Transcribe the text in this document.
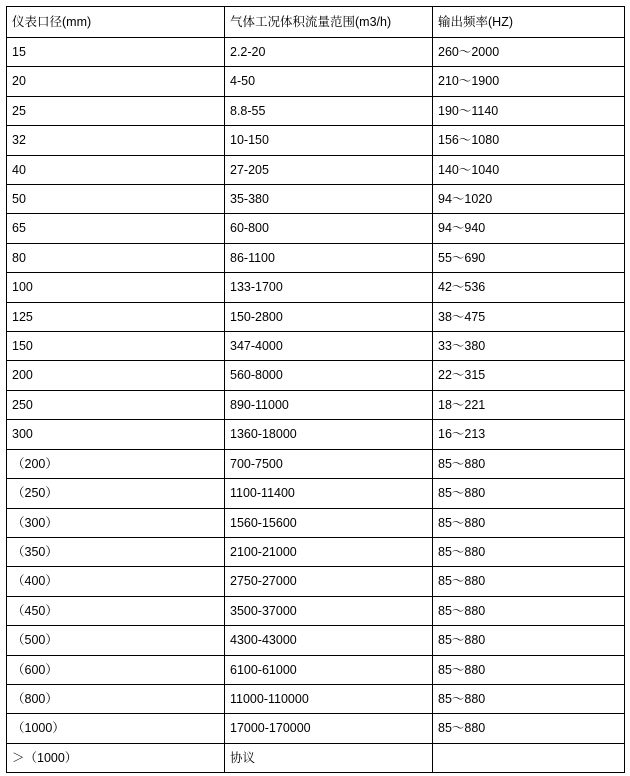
仪表口径(mm)	气体工况体积流量范围(m3/h)	输出频率(HZ)
15	2.2-20	260～2000
20	4-50	210～1900
25	8.8-55	190～1140
32	10-150	156～1080
40	27-205	140～1040
50	35-380	94～1020
65	60-800	94～940
80	86-1100	55～690
100	133-1700	42～536
125	150-2800	38～475
150	347-4000	33～380
200	560-8000	22～315
250	890-11000	18～221
300	1360-18000	16～213
（200）	700-7500	85～880
（250）	1100-11400	85～880
（300）	1560-15600	85～880
（350）	2100-21000	85～880
（400）	2750-27000	85～880
（450）	3500-37000	85～880
（500）	4300-43000	85～880
（600）	6100-61000	85～880
（800）	11000-110000	85～880
（1000）	17000-170000	85～880
＞（1000）	协议	
